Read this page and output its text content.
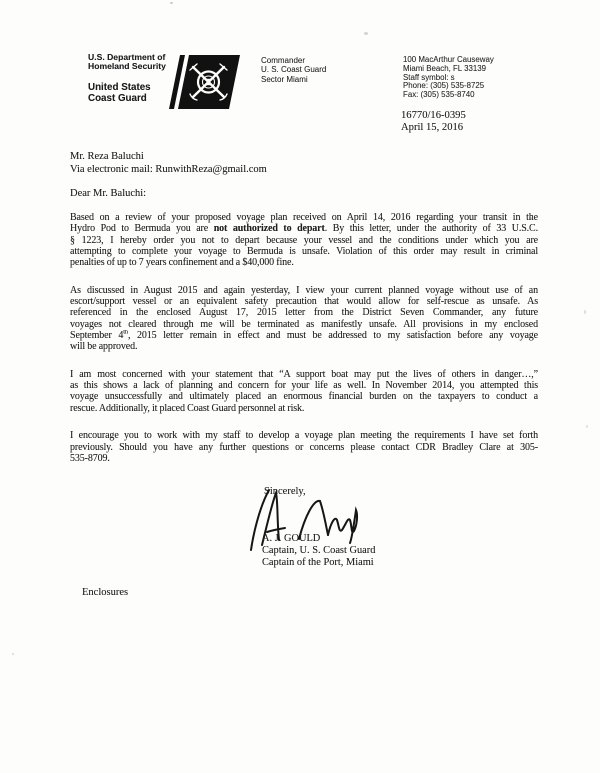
U.S. Department of
Homeland Security
United States
Coast Guard
Commander
U. S. Coast Guard
Sector Miami
100 MacArthur Causeway
Miami Beach, FL 33139
Staff symbol: s
Phone: (305) 535-8725
Fax: (305) 535-8740
16770/16-0395
April 15, 2016
Mr. Reza Baluchi
Via electronic mail: RunwithReza@gmail.com
Dear Mr. Baluchi:
Based on a review of your proposed voyage plan received on April 14, 2016 regarding your transit in the
Hydro Pod to Bermuda you are not authorized to depart. By this letter, under the authority of 33 U.S.C.
§ 1223, I hereby order you not to depart because your vessel and the conditions under which you are
attempting to complete your voyage to Bermuda is unsafe. Violation of this order may result in criminal
penalties of up to 7 years confinement and a $40,000 fine.
As discussed in August 2015 and again yesterday, I view your current planned voyage without use of an
escort/support vessel or an equivalent safety precaution that would allow for self-rescue as unsafe. As
referenced in the enclosed August 17, 2015 letter from the District Seven Commander, any future
voyages not cleared through me will be terminated as manifestly unsafe. All provisions in my enclosed
September 4th, 2015 letter remain in effect and must be addressed to my satisfaction before any voyage
will be approved.
I am most concerned with your statement that “A support boat may put the lives of others in danger…,”
as this shows a lack of planning and concern for your life as well. In November 2014, you attempted this
voyage unsuccessfully and ultimately placed an enormous financial burden on the taxpayers to conduct a
rescue. Additionally, it placed Coast Guard personnel at risk.
I encourage you to work with my staff to develop a voyage plan meeting the requirements I have set forth
previously. Should you have any further questions or concerns please contact CDR Bradley Clare at 305-
535-8709.
Sincerely,
A. J. GOULD
Captain, U. S. Coast Guard
Captain of the Port, Miami
Enclosures
